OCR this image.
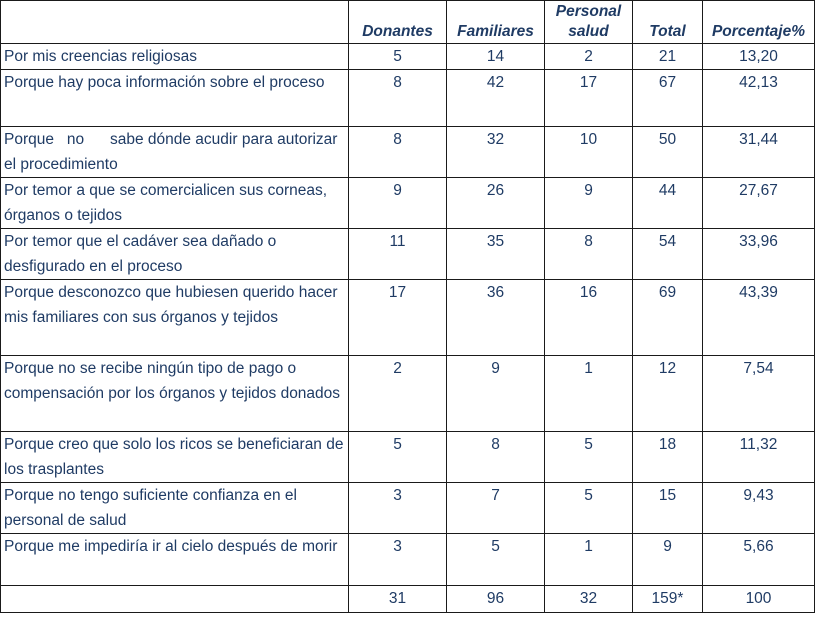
	Donantes	Familiares	Personal salud	Total	Porcentaje%
Por mis creencias religiosas	5	14	2	21	13,20
Porque hay poca información sobre el proceso	8	42	17	67	42,13
Porque   no      sabe dónde acudir para autorizar el procedimiento	8	32	10	50	31,44
Por temor a que se comercialicen sus corneas, órganos o tejidos	9	26	9	44	27,67
Por temor que el cadáver sea dañado o desfigurado en el proceso	11	35	8	54	33,96
Porque desconozco que hubiesen querido hacer mis familiares con sus órganos y tejidos	17	36	16	69	43,39
Porque no se recibe ningún tipo de pago o compensación por los órganos y tejidos donados	2	9	1	12	7,54
Porque creo que solo los ricos se beneficiaran de los trasplantes	5	8	5	18	11,32
Porque no tengo suficiente confianza en el personal de salud	3	7	5	15	9,43
Porque me impediría ir al cielo después de morir	3	5	1	9	5,66
	31	96	32	159*	100
